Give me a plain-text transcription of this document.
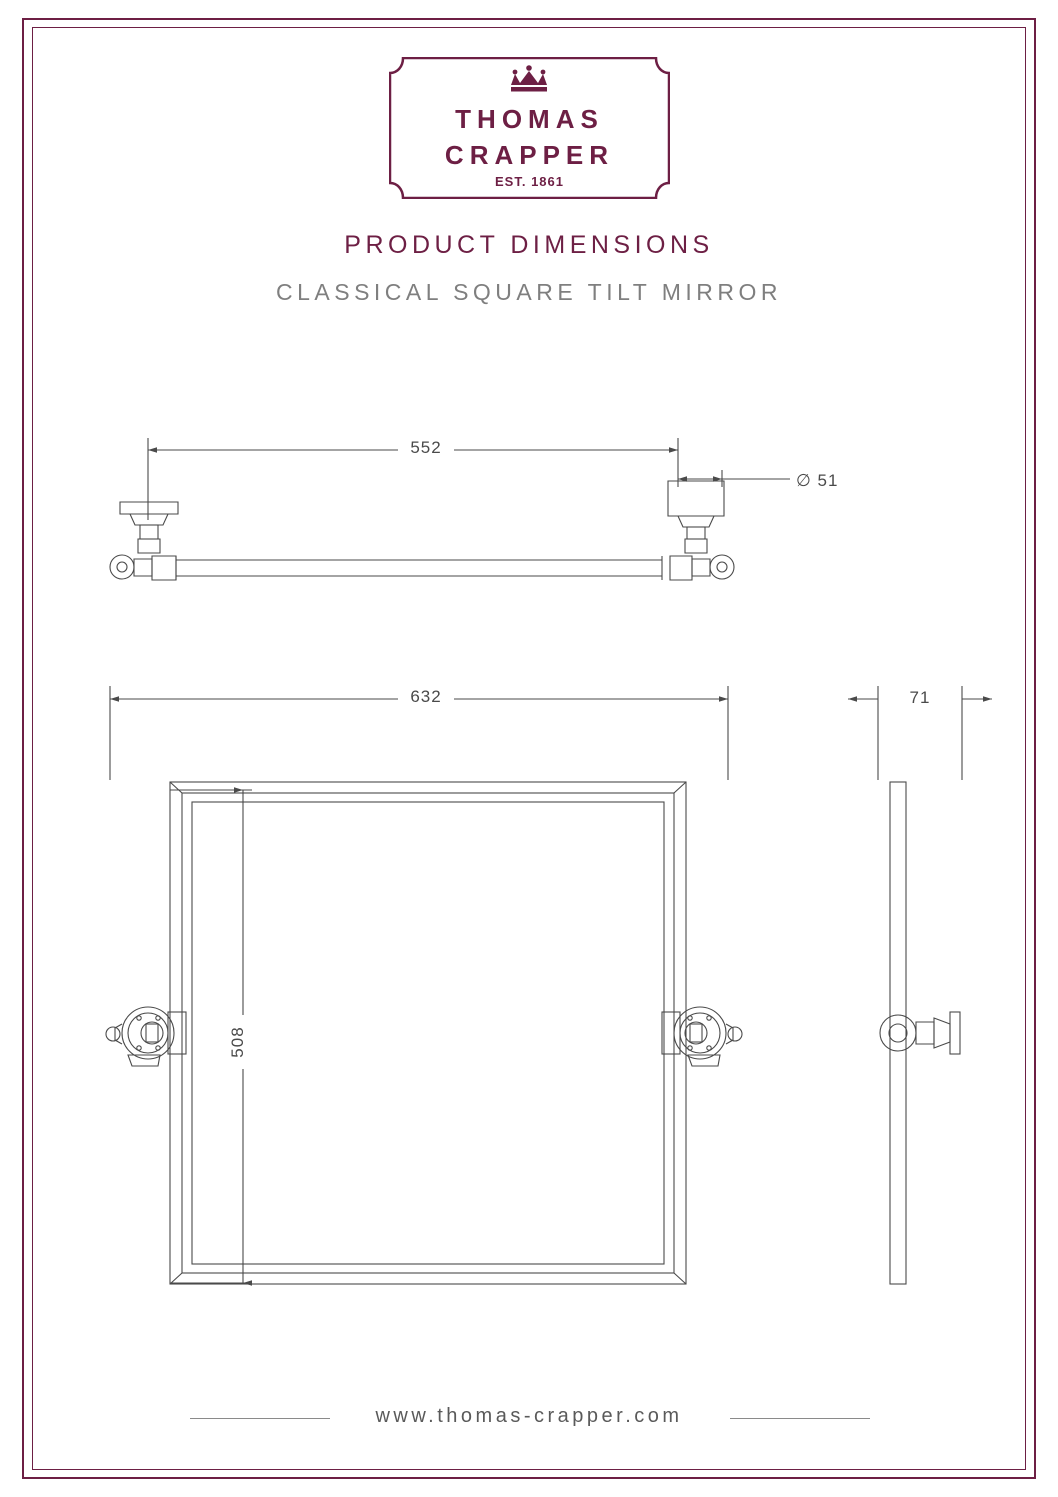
THOMAS
CRAPPER
EST. 1861
PRODUCT DIMENSIONS
CLASSICAL SQUARE TILT MIRROR
552
∅ 51
632
508
71
www.thomas-crapper.com
